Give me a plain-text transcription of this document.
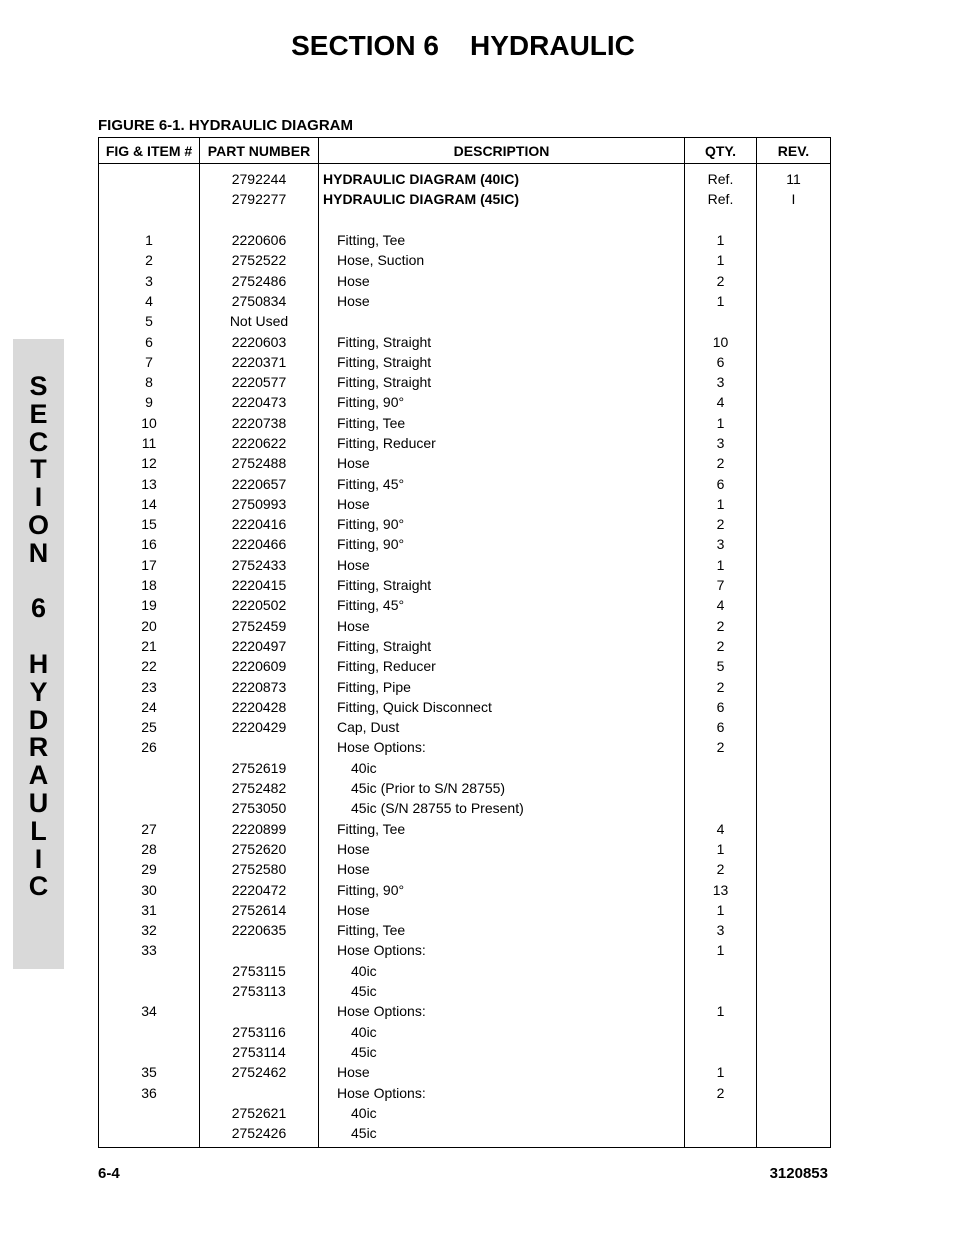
SECTION 6    HYDRAULIC
FIGURE 6-1. HYDRAULIC DIAGRAM
S
E
C
T
I
O
N
6
H
Y
D
R
A
U
L
I
C
FIG & ITEM #	PART NUMBER	DESCRIPTION	QTY.	REV.
	2792244	HYDRAULIC DIAGRAM (40IC)	Ref.	11
	2792277	HYDRAULIC DIAGRAM (45IC)	Ref.	I

1	2220606	Fitting, Tee	1	
2	2752522	Hose, Suction	1	
3	2752486	Hose	2	
4	2750834	Hose	1	
5	Not Used			
6	2220603	Fitting, Straight	10	
7	2220371	Fitting, Straight	6	
8	2220577	Fitting, Straight	3	
9	2220473	Fitting, 90°	4	
10	2220738	Fitting, Tee	1	
11	2220622	Fitting, Reducer	3	
12	2752488	Hose	2	
13	2220657	Fitting, 45°	6	
14	2750993	Hose	1	
15	2220416	Fitting, 90°	2	
16	2220466	Fitting, 90°	3	
17	2752433	Hose	1	
18	2220415	Fitting, Straight	7	
19	2220502	Fitting, 45°	4	
20	2752459	Hose	2	
21	2220497	Fitting, Straight	2	
22	2220609	Fitting, Reducer	5	
23	2220873	Fitting, Pipe	2	
24	2220428	Fitting, Quick Disconnect	6	
25	2220429	Cap, Dust	6	
26		Hose Options:	2	
	2752619	40ic		
	2752482	45ic (Prior to S/N 28755)		
	2753050	45ic (S/N 28755 to Present)		
27	2220899	Fitting, Tee	4	
28	2752620	Hose	1	
29	2752580	Hose	2	
30	2220472	Fitting, 90°	13	
31	2752614	Hose	1	
32	2220635	Fitting, Tee	3	
33		Hose Options:	1	
	2753115	40ic		
	2753113	45ic		
34		Hose Options:	1	
	2753116	40ic		
	2753114	45ic		
35	2752462	Hose	1	
36		Hose Options:	2	
	2752621	40ic		
	2752426	45ic		
6-4	3120853
